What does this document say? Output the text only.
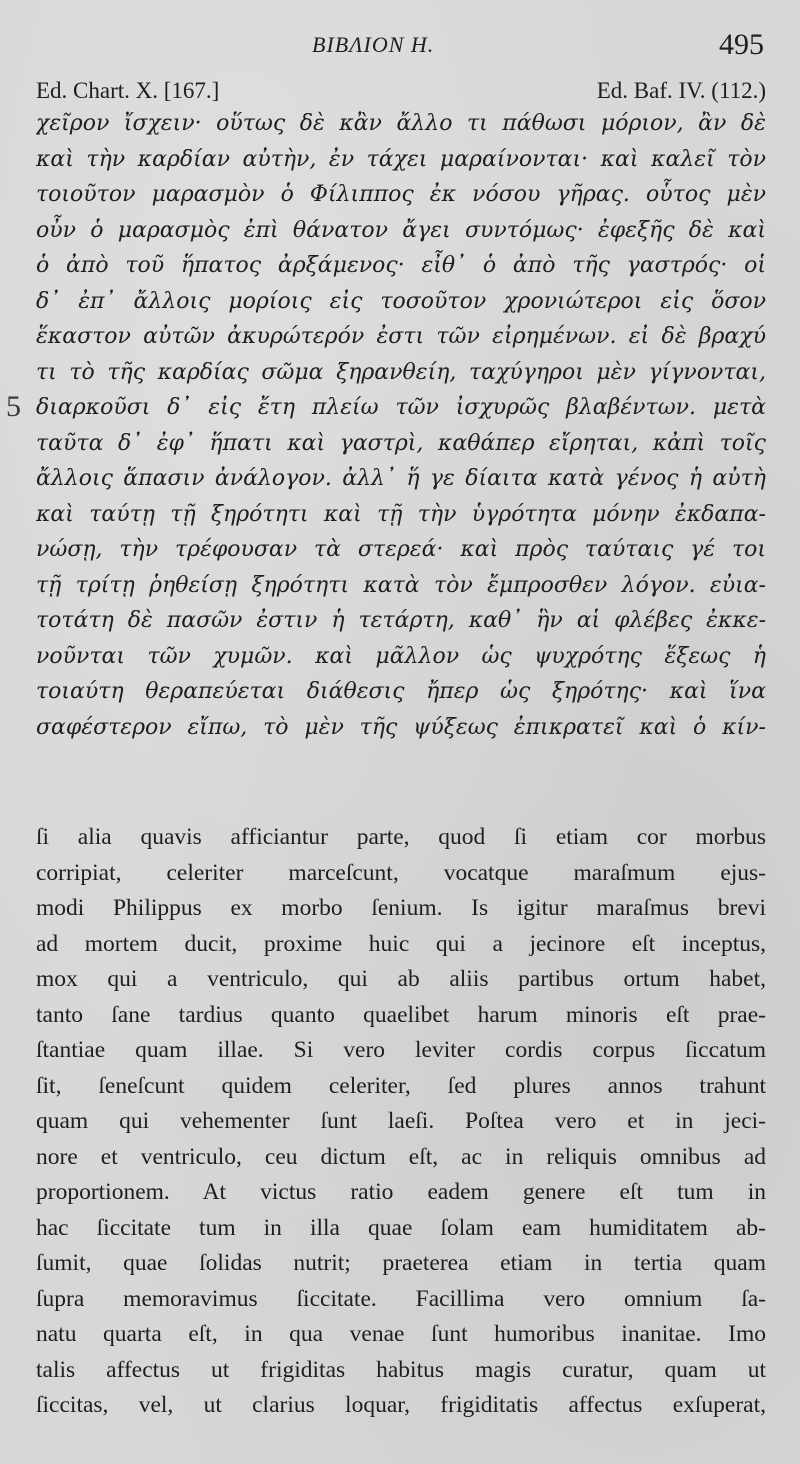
ΒΙΒΛΙΟΝ Η.	495
Ed. Chart. X. [167.]	Ed. Baf. IV. (112.)
χεῖρον ἴσχειν· οὕτως δὲ κἂν ἄλλο τι πάθωσι μόριον, ἂν δὲ
καὶ τὴν καρδίαν αὐτὴν, ἐν τάχει μαραίνονται· καὶ καλεῖ τὸν
τοιοῦτον μαρασμὸν ὁ Φίλιππος ἐκ νόσου γῆρας. οὗτος μὲν
οὖν ὁ μαρασμὸς ἐπὶ θάνατον ἄγει συντόμως· ἐφεξῆς δὲ καὶ
ὁ ἀπὸ τοῦ ἥπατος ἀρξάμενος· εἶθ᾽ ὁ ἀπὸ τῆς γαστρός· οἱ
δ᾽ ἐπ᾽ ἄλλοις μορίοις εἰς τοσοῦτον χρονιώτεροι εἰς ὅσον
ἕκαστον αὐτῶν ἀκυρώτερόν ἐστι τῶν εἰρημένων. εἰ δὲ βραχύ
τι τὸ τῆς καρδίας σῶμα ξηρανθείη, ταχύγηροι μὲν γίγνονται,
διαρκοῦσι δ᾽ εἰς ἔτη πλείω τῶν ἰσχυρῶς βλαβέντων. μετὰ
ταῦτα δ᾽ ἐφ᾽ ἥπατι καὶ γαστρὶ, καθάπερ εἴρηται, κἀπὶ τοῖς
ἄλλοις ἅπασιν ἀνάλογον. ἀλλ᾽ ἥ γε δίαιτα κατὰ γένος ἡ αὐτὴ
καὶ ταύτῃ τῇ ξηρότητι καὶ τῇ τὴν ὑγρότητα μόνην ἐκδαπα-
νώσῃ, τὴν τρέφουσαν τὰ στερεά· καὶ πρὸς ταύταις γέ τοι
τῇ τρίτῃ ῥηθείσῃ ξηρότητι κατὰ τὸν ἔμπροσθεν λόγον. εὐια-
τοτάτη δὲ πασῶν ἐστιν ἡ τετάρτη, καθ᾽ ἣν αἱ φλέβες ἐκκε-
νοῦνται τῶν χυμῶν. καὶ μᾶλλον ὡς ψυχρότης ἕξεως ἡ
τοιαύτη θεραπεύεται διάθεσις ἤπερ ὡς ξηρότης· καὶ ἵνα
σαφέστερον εἴπω, τὸ μὲν τῆς ψύξεως ἐπικρατεῖ καὶ ὁ κίν-
5
ſi alia quavis afficiantur parte, quod ſi etiam cor morbus
corripiat, celeriter marceſcunt, vocatque maraſmum ejus-
modi Philippus ex morbo ſenium. Is igitur maraſmus brevi
ad mortem ducit, proxime huic qui a jecinore eſt inceptus,
mox qui a ventriculo, qui ab aliis partibus ortum habet,
tanto ſane tardius quanto quaelibet harum minoris eſt prae-
ſtantiae quam illae. Si vero leviter cordis corpus ſiccatum
ſit, ſeneſcunt quidem celeriter, ſed plures annos trahunt
quam qui vehementer ſunt laeſi. Poſtea vero et in jeci-
nore et ventriculo, ceu dictum eſt, ac in reliquis omnibus ad
proportionem. At victus ratio eadem genere eſt tum in
hac ſiccitate tum in illa quae ſolam eam humiditatem ab-
ſumit, quae ſolidas nutrit; praeterea etiam in tertia quam
ſupra memoravimus ſiccitate. Facillima vero omnium ſa-
natu quarta eſt, in qua venae ſunt humoribus inanitae. Imo
talis affectus ut frigiditas habitus magis curatur, quam ut
ſiccitas, vel, ut clarius loquar, frigiditatis affectus exſuperat,
